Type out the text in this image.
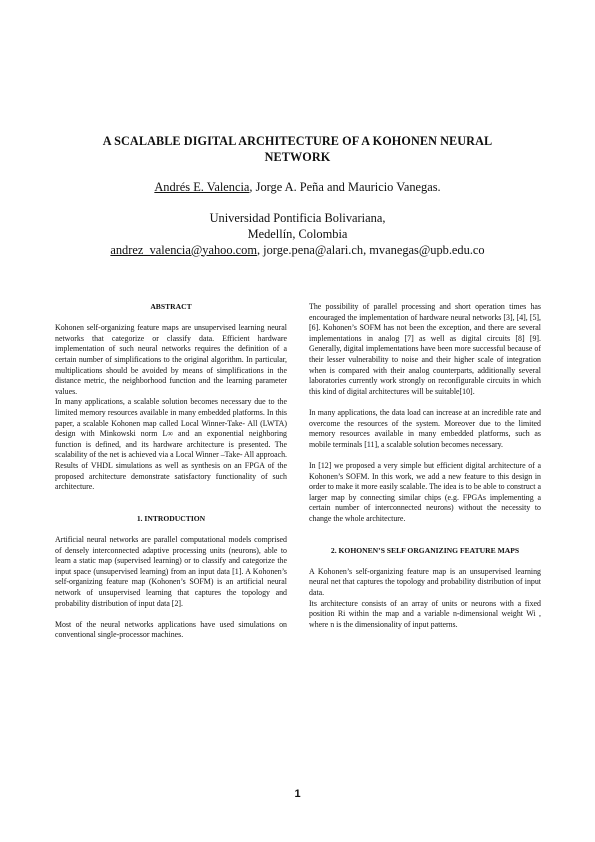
A SCALABLE DIGITAL ARCHITECTURE OF A KOHONEN NEURAL NETWORK
Andrés E. Valencia, Jorge A. Peña and Mauricio Vanegas.
Universidad Pontificia Bolivariana,
Medellín, Colombia
andrez_valencia@yahoo.com, jorge.pena@alari.ch, mvanegas@upb.edu.co
ABSTRACT

Kohonen self-organizing feature maps are unsupervised learning neural networks that categorize or classify data. Efficient hardware implementation of such neural networks requires the definition of a certain number of simplifications to the original algorithm. In particular, multiplications should be avoided by means of simplifications in the distance metric, the neighborhood function and the learning parameter values.

In many applications, a scalable solution becomes necessary due to the limited memory resources available in many embedded platforms. In this paper, a scalable Kohonen map called Local Winner-Take- All (LWTA) design with Minkowski norm L∞ and an exponential neighboring function is defined, and its hardware architecture is presented. The scalability of the net is achieved via a Local Winner –Take- All approach. Results of VHDL simulations as well as synthesis on an FPGA of the proposed architecture demonstrate satisfactory functionality of such architecture.

1. INTRODUCTION

Artificial neural networks are parallel computational models comprised of densely interconnected adaptive processing units (neurons), able to learn a static map (supervised learning) or to classify and categorize the input space (unsupervised learning) from an input data [1]. A Kohonen’s self-organizing feature map (Kohonen’s SOFM) is an artificial neural network of unsupervised learning that captures the topology and probability distribution of input data [2].

Most of the neural networks applications have used simulations on conventional single-processor machines.

The possibility of parallel processing and short operation times has encouraged the implementation of hardware neural networks [3], [4], [5], [6]. Kohonen’s SOFM has not been the exception, and there are several implementations in analog [7] as well as digital circuits [8] [9]. Generally, digital implementations have been more successful because of their lesser vulnerability to noise and their higher scale of integration when is compared with their analog counterparts, additionally several laboratories currently work strongly on reconfigurable circuits in which this kind of digital architectures will be suitable[10].

In many applications, the data load can increase at an incredible rate and overcome the resources of the system. Moreover due to the limited memory resources available in many embedded platforms, such as mobile terminals [11], a scalable solution becomes necessary.

In [12] we proposed a very simple but efficient digital architecture of a Kohonen’s SOFM. In this work, we add a new feature to this design in order to make it more easily scalable. The idea is to be able to construct a larger map by connecting similar chips (e.g. FPGAs implementing a certain number of interconnected neurons) without the necessity to change the whole architecture.

2. KOHONEN’S SELF ORGANIZING FEATURE MAPS

A Kohonen’s self-organizing feature map is an unsupervised learning neural net that captures the topology and probability distribution of input data.

Its architecture consists of an array of units or neurons with a fixed position Ri within the map and a variable n-dimensional weight Wi , where n is the dimensionality of input patterns.

1
